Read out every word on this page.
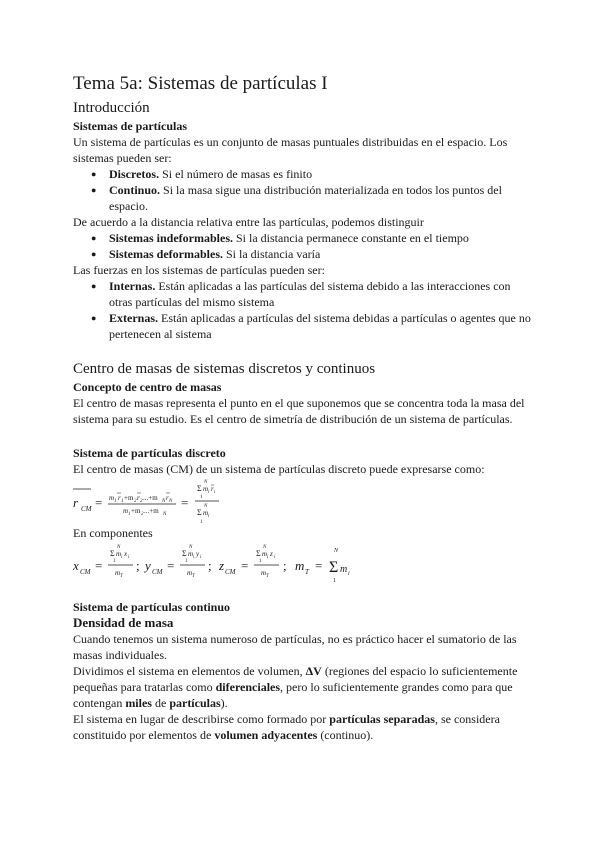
Tema 5a: Sistemas de partículas I
Introducción
Sistemas de partículas

Un sistema de partículas es un conjunto de masas puntuales distribuidas en el espacio. Los sistemas pueden ser:

● Discretos. Si el número de masas es finito
● Continuo. Si la masa sigue una distribución materializada en todos los puntos del espacio.

De acuerdo a la distancia relativa entre las partículas, podemos distinguir

● Sistemas indeformables. Si la distancia permanece constante en el tiempo
● Sistemas deformables. Si la distancia varía

Las fuerzas en los sistemas de partículas pueden ser:

● Internas. Están aplicadas a las partículas del sistema debido a las interacciones con otras partículas del mismo sistema
● Externas. Están aplicadas a partículas del sistema debidas a partículas o agentes que no pertenecen al sistema
Centro de masas de sistemas discretos y continuos
Concepto de centro de masas

El centro de masas representa el punto en el que suponemos que se concentra toda la masa del sistema para su estudio. Es el centro de simetría de distribución de un sistema de partículas.

Sistema de partículas discreto

El centro de masas (CM) de un sistema de partículas discreto puede expresarse como:

r CM = m 1 r 1 +m 2 r 2 ...+m N r N
m 1 +m 2 ...+m N
=
N
Σ m i r i
1
N
Σ m i
1

En componentes

x CM =
N
Σ m i x i
1
m T
; y CM =
N
Σ m i y i
1
m T
; z CM =
N
Σ m i z i
1
m T
; m T =
N
Σ m i
1
Sistema de partículas continuo
Densidad de masa

Cuando tenemos un sistema numeroso de partículas, no es práctico hacer el sumatorio de las masas individuales.

Dividimos el sistema en elementos de volumen, ΔV (regiones del espacio lo suficientemente pequeñas para tratarlas como diferenciales, pero lo suficientemente grandes como para que contengan miles de partículas).

El sistema en lugar de describirse como formado por partículas separadas, se considera constituido por elementos de volumen adyacentes (continuo).
